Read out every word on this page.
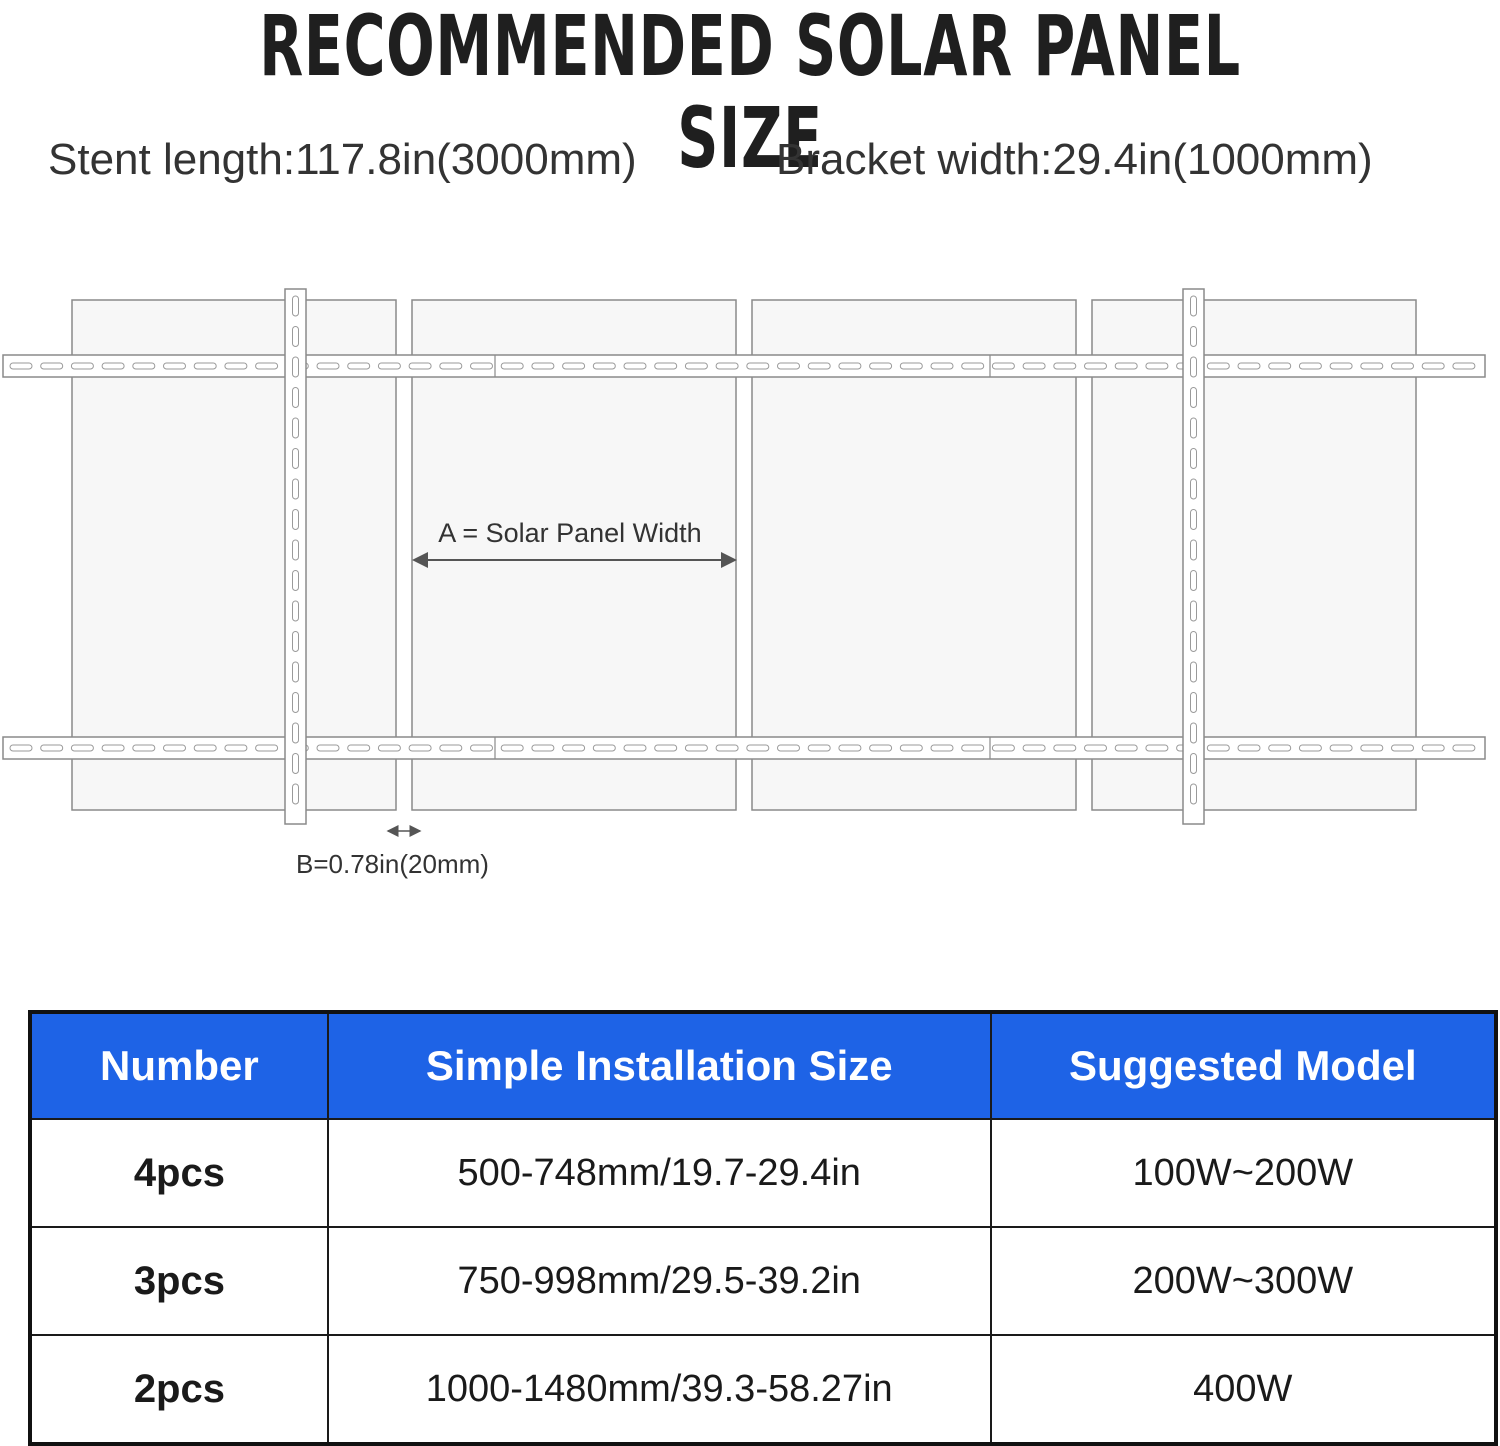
RECOMMENDED SOLAR PANEL SIZE
Stent length:117.8in(3000mm)	Bracket width:29.4in(1000mm)
A = Solar Panel Width
B=0.78in(20mm)
Number	Simple Installation Size	Suggested Model
4pcs	500-748mm/19.7-29.4in	100W~200W
3pcs	750-998mm/29.5-39.2in	200W~300W
2pcs	1000-1480mm/39.3-58.27in	400W
